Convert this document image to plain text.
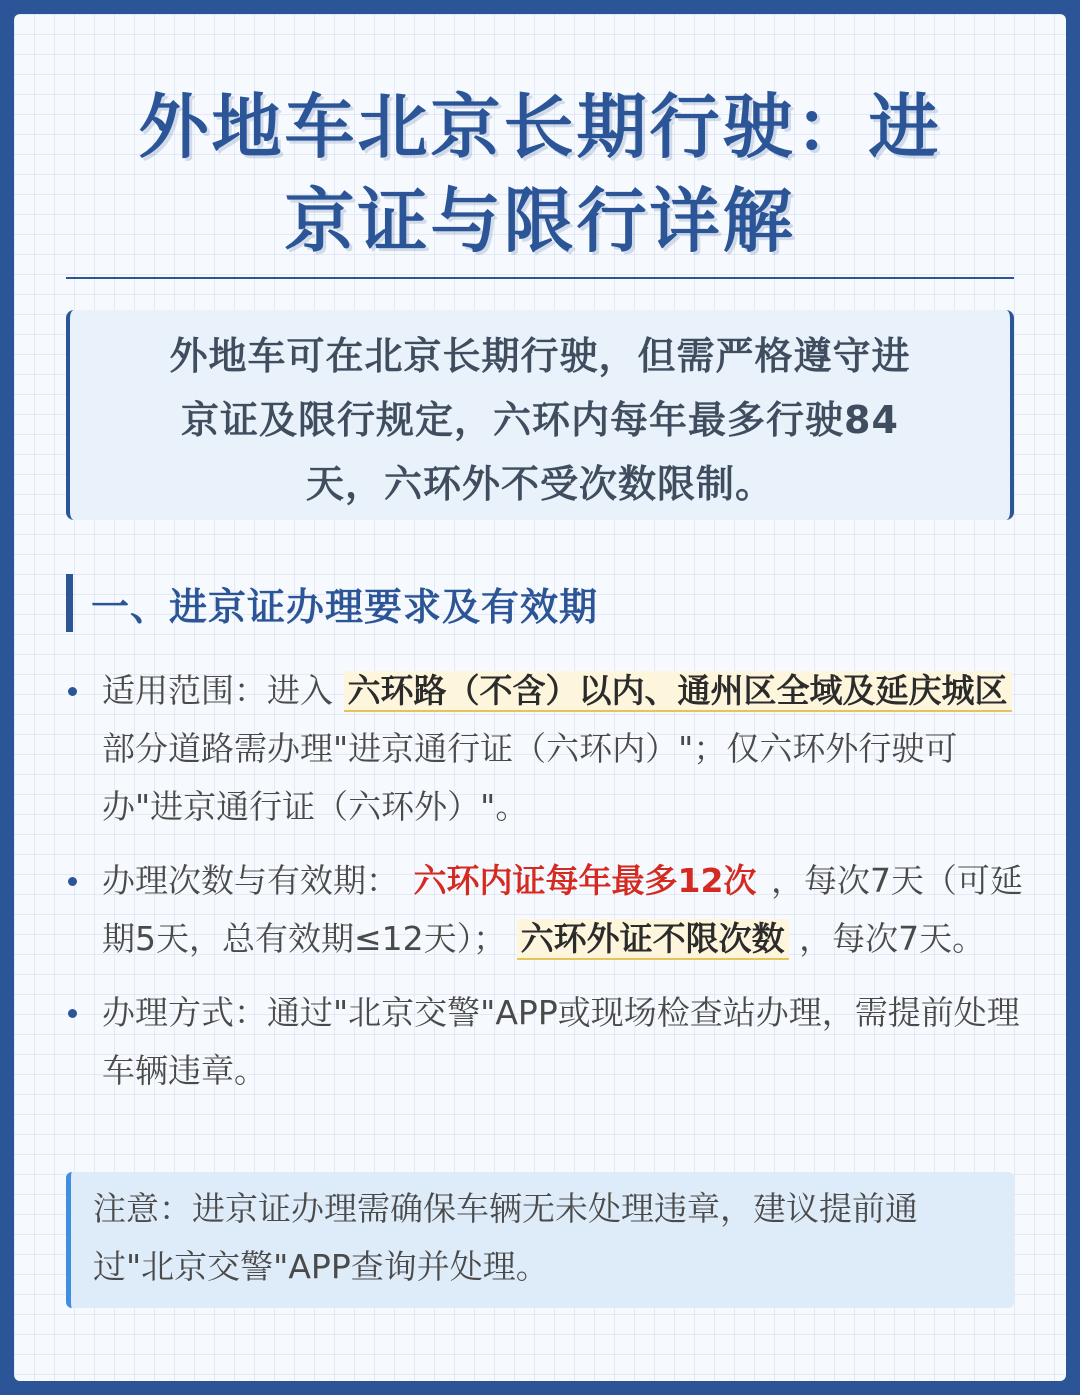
外地车北京长期行驶：进
京证与限行详解
外地车可在北京长期行驶，但需严格遵守进
京证及限行规定，六环内每年最多行驶84
天，六环外不受次数限制。
一、进京证办理要求及有效期
适用范围：进入 六环路（不含）以内、通州区全域及延庆城区 部分道路需办理"进京通行证（六环内）"；仅六环外行驶可办"进京通行证（六环外）"。
办理次数与有效期： 六环内证每年最多12次 ，每次7天（可延期5天，总有效期≤12天）； 六环外证不限次数 ，每次7天。
办理方式：通过"北京交警"APP或现场检查站办理，需提前处理车辆违章。
注意：进京证办理需确保车辆无未处理违章，建议提前通过"北京交警"APP查询并处理。
